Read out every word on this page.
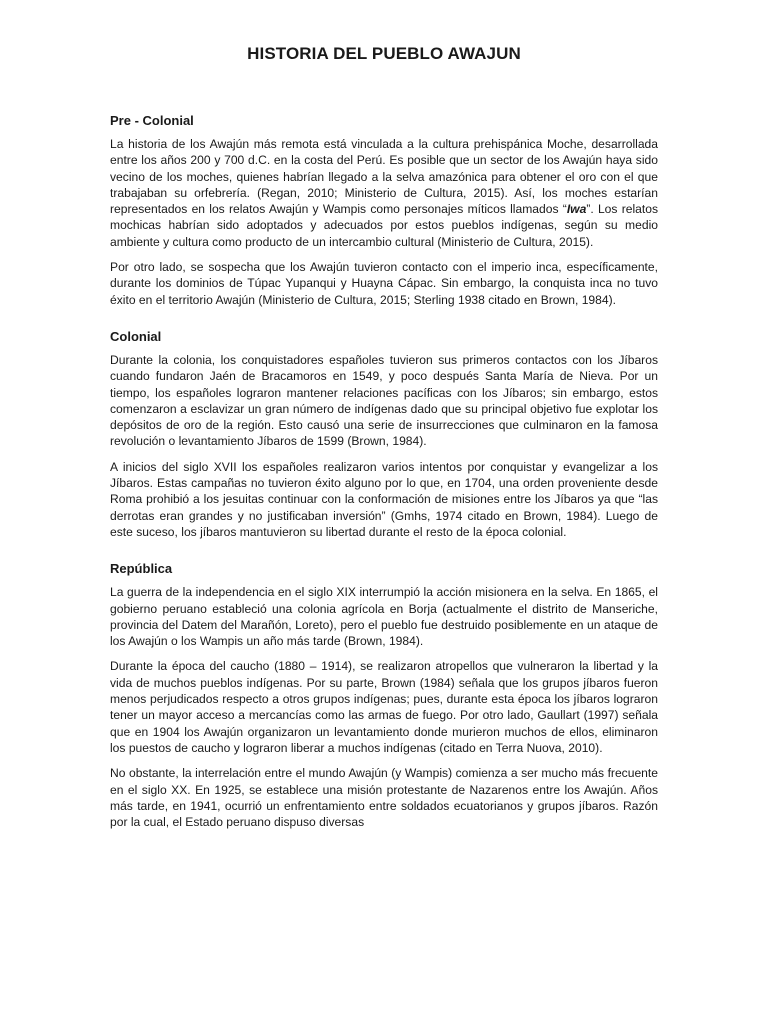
HISTORIA DEL PUEBLO AWAJUN
Pre - Colonial

La historia de los Awajún más remota está vinculada a la cultura prehispánica Moche, desarrollada entre los años 200 y 700 d.C. en la costa del Perú. Es posible que un sector de los Awajún haya sido vecino de los moches, quienes habrían llegado a la selva amazónica para obtener el oro con el que trabajaban su orfebrería. (Regan, 2010; Ministerio de Cultura, 2015). Así, los moches estarían representados en los relatos Awajún y Wampis como personajes míticos llamados “Iwa”. Los relatos mochicas habrían sido adoptados y adecuados por estos pueblos indígenas, según su medio ambiente y cultura como producto de un intercambio cultural (Ministerio de Cultura, 2015).

Por otro lado, se sospecha que los Awajún tuvieron contacto con el imperio inca, específicamente, durante los dominios de Túpac Yupanqui y Huayna Cápac. Sin embargo, la conquista inca no tuvo éxito en el territorio Awajún (Ministerio de Cultura, 2015; Sterling 1938 citado en Brown, 1984).

Colonial

Durante la colonia, los conquistadores españoles tuvieron sus primeros contactos con los Jíbaros cuando fundaron Jaén de Bracamoros en 1549, y poco después Santa María de Nieva. Por un tiempo, los españoles lograron mantener relaciones pacíficas con los Jíbaros; sin embargo, estos comenzaron a esclavizar un gran número de indígenas dado que su principal objetivo fue explotar los depósitos de oro de la región. Esto causó una serie de insurrecciones que culminaron en la famosa revolución o levantamiento Jíbaros de 1599 (Brown, 1984).

A inicios del siglo XVII los españoles realizaron varios intentos por conquistar y evangelizar a los Jíbaros. Estas campañas no tuvieron éxito alguno por lo que, en 1704, una orden proveniente desde Roma prohibió a los jesuitas continuar con la conformación de misiones entre los Jíbaros ya que “las derrotas eran grandes y no justificaban inversión” (Gmhs, 1974 citado en Brown, 1984). Luego de este suceso, los jíbaros mantuvieron su libertad durante el resto de la época colonial.

República

La guerra de la independencia en el siglo XIX interrumpió la acción misionera en la selva. En 1865, el gobierno peruano estableció una colonia agrícola en Borja (actualmente el distrito de Manseriche, provincia del Datem del Marañón, Loreto), pero el pueblo fue destruido posiblemente en un ataque de los Awajún o los Wampis un año más tarde (Brown, 1984).

Durante la época del caucho (1880 – 1914), se realizaron atropellos que vulneraron la libertad y la vida de muchos pueblos indígenas. Por su parte, Brown (1984) señala que los grupos jíbaros fueron menos perjudicados respecto a otros grupos indígenas; pues, durante esta época los jíbaros lograron tener un mayor acceso a mercancías como las armas de fuego. Por otro lado, Gaullart (1997) señala que en 1904 los Awajún organizaron un levantamiento donde murieron muchos de ellos, eliminaron los puestos de caucho y lograron liberar a muchos indígenas (citado en Terra Nuova, 2010).

No obstante, la interrelación entre el mundo Awajún (y Wampis) comienza a ser mucho más frecuente en el siglo XX. En 1925, se establece una misión protestante de Nazarenos entre los Awajún. Años más tarde, en 1941, ocurrió un enfrentamiento entre soldados ecuatorianos y grupos jíbaros. Razón por la cual, el Estado peruano dispuso diversas
